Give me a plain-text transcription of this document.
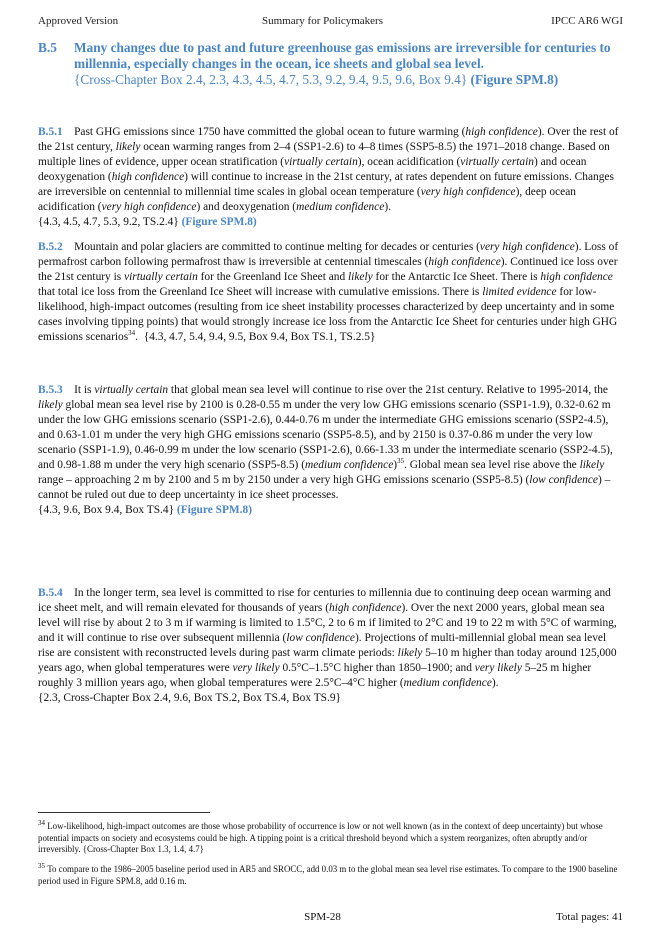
Approved Version	Summary for Policymakers	IPCC AR6 WGI
B.5 Many changes due to past and future greenhouse gas emissions are irreversible for centuries to millennia, especially changes in the ocean, ice sheets and global sea level.
{Cross-Chapter Box 2.4, 2.3, 4.3, 4.5, 4.7, 5.3, 9.2, 9.4, 9.5, 9.6, Box 9.4} (Figure SPM.8)
B.5.1 Past GHG emissions since 1750 have committed the global ocean to future warming (high confidence). Over the rest of the 21st century, likely ocean warming ranges from 2–4 (SSP1-2.6) to 4–8 times (SSP5-8.5) the 1971–2018 change. Based on multiple lines of evidence, upper ocean stratification (virtually certain), ocean acidification (virtually certain) and ocean deoxygenation (high confidence) will continue to increase in the 21st century, at rates dependent on future emissions. Changes are irreversible on centennial to millennial time scales in global ocean temperature (very high confidence), deep ocean acidification (very high confidence) and deoxygenation (medium confidence).
{4.3, 4.5, 4.7, 5.3, 9.2, TS.2.4} (Figure SPM.8)
B.5.2 Mountain and polar glaciers are committed to continue melting for decades or centuries (very high confidence). Loss of permafrost carbon following permafrost thaw is irreversible at centennial timescales (high confidence). Continued ice loss over the 21st century is virtually certain for the Greenland Ice Sheet and likely for the Antarctic Ice Sheet. There is high confidence that total ice loss from the Greenland Ice Sheet will increase with cumulative emissions. There is limited evidence for low-likelihood, high-impact outcomes (resulting from ice sheet instability processes characterized by deep uncertainty and in some cases involving tipping points) that would strongly increase ice loss from the Antarctic Ice Sheet for centuries under high GHG emissions scenarios$^{34}$. {4.3, 4.7, 5.4, 9.4, 9.5, Box 9.4, Box TS.1, TS.2.5}
B.5.3 It is virtually certain that global mean sea level will continue to rise over the 21st century. Relative to 1995-2014, the likely global mean sea level rise by 2100 is 0.28-0.55 m under the very low GHG emissions scenario (SSP1-1.9), 0.32-0.62 m under the low GHG emissions scenario (SSP1-2.6), 0.44-0.76 m under the intermediate GHG emissions scenario (SSP2-4.5), and 0.63-1.01 m under the very high GHG emissions scenario (SSP5-8.5), and by 2150 is 0.37-0.86 m under the very low scenario (SSP1-1.9), 0.46-0.99 m under the low scenario (SSP1-2.6), 0.66-1.33 m under the intermediate scenario (SSP2-4.5), and 0.98-1.88 m under the very high scenario (SSP5-8.5) (medium confidence)$^{35}$. Global mean sea level rise above the likely range – approaching 2 m by 2100 and 5 m by 2150 under a very high GHG emissions scenario (SSP5-8.5) (low confidence) – cannot be ruled out due to deep uncertainty in ice sheet processes.
{4.3, 9.6, Box 9.4, Box TS.4} (Figure SPM.8)
B.5.4 In the longer term, sea level is committed to rise for centuries to millennia due to continuing deep ocean warming and ice sheet melt, and will remain elevated for thousands of years (high confidence). Over the next 2000 years, global mean sea level will rise by about 2 to 3 m if warming is limited to 1.5°C, 2 to 6 m if limited to 2°C and 19 to 22 m with 5°C of warming, and it will continue to rise over subsequent millennia (low confidence). Projections of multi-millennial global mean sea level rise are consistent with reconstructed levels during past warm climate periods: likely 5–10 m higher than today around 125,000 years ago, when global temperatures were very likely 0.5°C–1.5°C higher than 1850–1900; and very likely 5–25 m higher roughly 3 million years ago, when global temperatures were 2.5°C–4°C higher (medium confidence).
{2.3, Cross-Chapter Box 2.4, 9.6, Box TS.2, Box TS.4, Box TS.9}
$^{34}$ Low-likelihood, high-impact outcomes are those whose probability of occurrence is low or not well known (as in the context of deep uncertainty) but whose potential impacts on society and ecosystems could be high. A tipping point is a critical threshold beyond which a system reorganizes, often abruptly and/or irreversibly. {Cross-Chapter Box 1.3, 1.4, 4.7}
$^{35}$ To compare to the 1986–2005 baseline period used in AR5 and SROCC, add 0.03 m to the global mean sea level rise estimates. To compare to the 1900 baseline period used in Figure SPM.8, add 0.16 m.
SPM-28	Total pages: 41
